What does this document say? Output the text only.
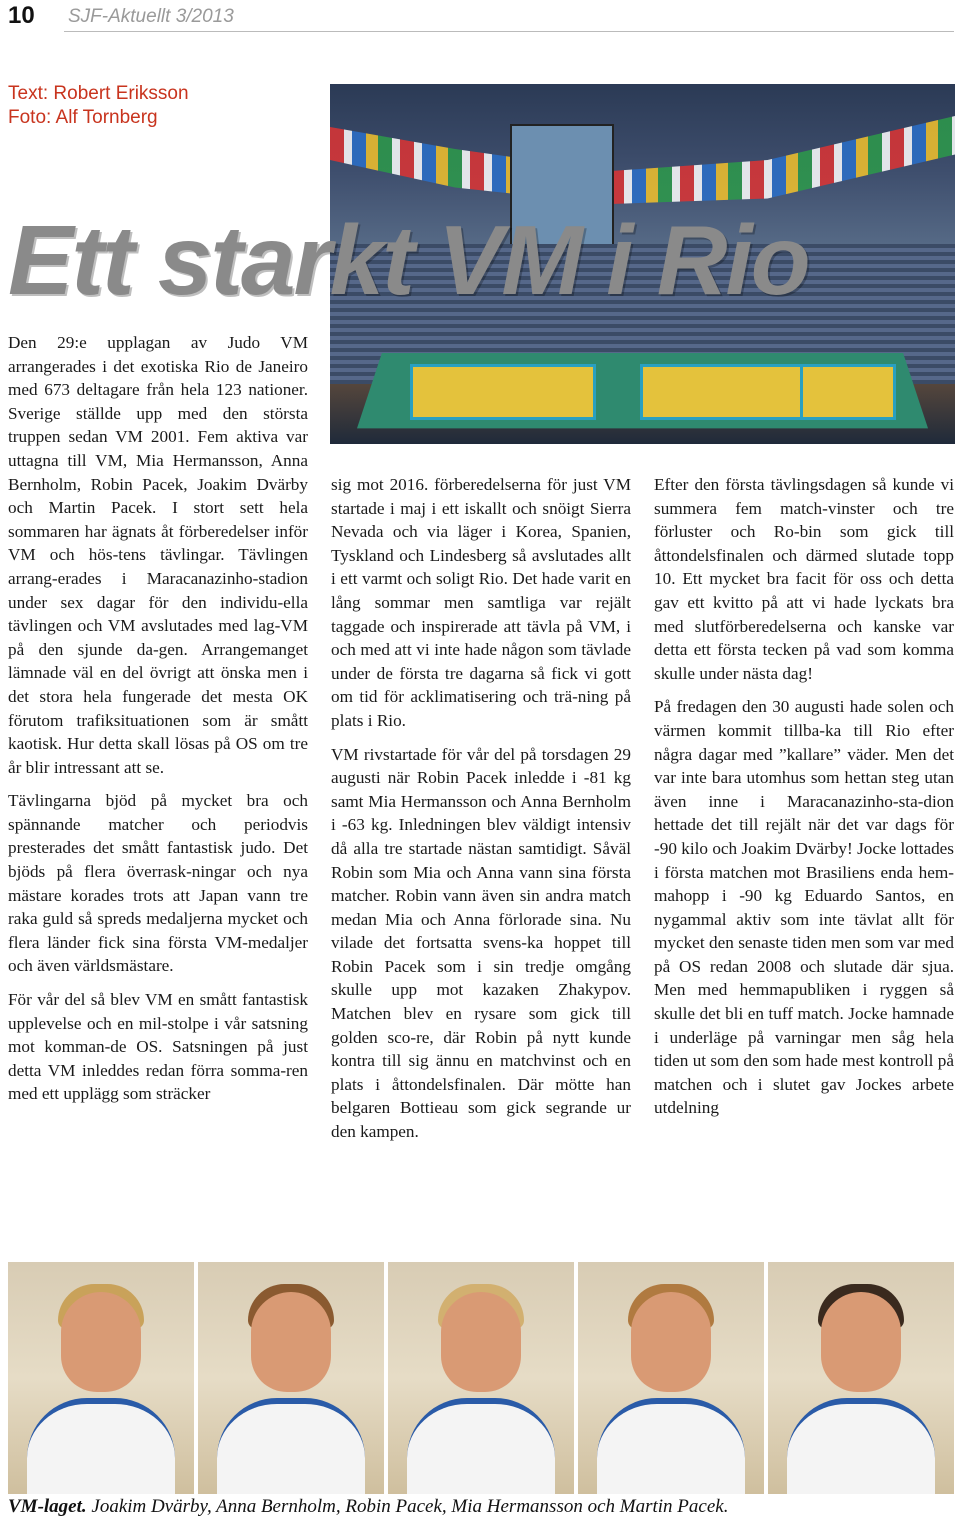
10 SJF-Aktuellt 3/2013
Text: Robert Eriksson
Foto: Alf Tornberg
Ett starkt VM i Rio

Den 29:e upplagan av Judo VM arrangerades i det exotiska Rio de Janeiro med 673 deltagare från hela 123 nationer. Sverige ställde upp med den största truppen sedan VM 2001. Fem aktiva var uttagna till VM, Mia Hermansson, Anna Bernholm, Robin Pacek, Joakim Dvärby och Martin Pacek. I stort sett hela sommaren har ägnats åt förberedelser inför VM och hös-tens tävlingar. Tävlingen arrang-erades i Maracanazinho-stadion under sex dagar för den individu-ella tävlingen och VM avslutades med lag-VM på den sjunde da-gen. Arrangemanget lämnade väl en del övrigt att önska men i det stora hela fungerade det mesta OK förutom trafiksituationen som är smått kaotisk. Hur detta skall lösas på OS om tre år blir intressant att se.

Tävlingarna bjöd på mycket bra och spännande matcher och periodvis presterades det smått fantastisk judo. Det bjöds på flera överrask-ningar och nya mästare korades trots att Japan vann tre raka guld så spreds medaljerna mycket och flera länder fick sina första VM-medaljer och även världsmästare.

För vår del så blev VM en smått fantastisk upplevelse och en mil-stolpe i vår satsning mot komman-de OS. Satsningen på just detta VM inleddes redan förra somma-ren med ett upplägg som sträcker

sig mot 2016. förberedelserna för just VM startade i maj i ett iskallt och snöigt Sierra Nevada och via läger i Korea, Spanien, Tyskland och Lindesberg så avslutades allt i ett varmt och soligt Rio. Det hade varit en lång sommar men samtliga var rejält taggade och inspirerade att tävla på VM, i och med att vi inte hade någon som tävlade under de första tre dagarna så fick vi gott om tid för acklimatisering och trä-ning på plats i Rio.

VM rivstartade för vår del på torsdagen 29 augusti när Robin Pacek inledde i -81 kg samt Mia Hermansson och Anna Bernholm i -63 kg. Inledningen blev väldigt intensiv då alla tre startade nästan samtidigt. Såväl Robin som Mia och Anna vann sina första matcher. Robin vann även sin andra match medan Mia och Anna förlorade sina. Nu vilade det fortsatta svens-ka hoppet till Robin Pacek som i sin tredje omgång skulle upp mot kazaken Zhakypov. Matchen blev en rysare som gick till golden sco-re, där Robin på nytt kunde kontra till sig ännu en matchvinst och en plats i åttondelsfinalen. Där mötte han belgaren Bottieau som gick segrande ur den kampen.

Efter den första tävlingsdagen så kunde vi summera fem match-vinster och tre förluster och Ro-bin som gick till åttondelsfinalen och därmed slutade topp 10. Ett mycket bra facit för oss och detta gav ett kvitto på att vi hade lyckats bra med slutförberedelserna och kanske var detta ett första tecken på vad som komma skulle under nästa dag!

På fredagen den 30 augusti hade solen och värmen kommit tillba-ka till Rio efter några dagar med ”kallare” väder. Men det var inte bara utomhus som hettan steg utan även inne i Maracanazinho-sta-dion hettade det till rejält när det var dags för -90 kilo och Joakim Dvärby! Jocke lottades i första matchen mot Brasiliens enda hem-mahopp i -90 kg Eduardo Santos, en nygammal aktiv som inte tävlat allt för mycket den senaste tiden men som var med på OS redan 2008 och slutade där sjua. Men med hemmapubliken i ryggen så skulle det bli en tuff match. Jocke hamnade i underläge på varningar men såg hela tiden ut som den som hade mest kontroll på matchen och i slutet gav Jockes arbete utdelning

VM-laget. Joakim Dvärby, Anna Bernholm, Robin Pacek, Mia Hermansson och Martin Pacek.
